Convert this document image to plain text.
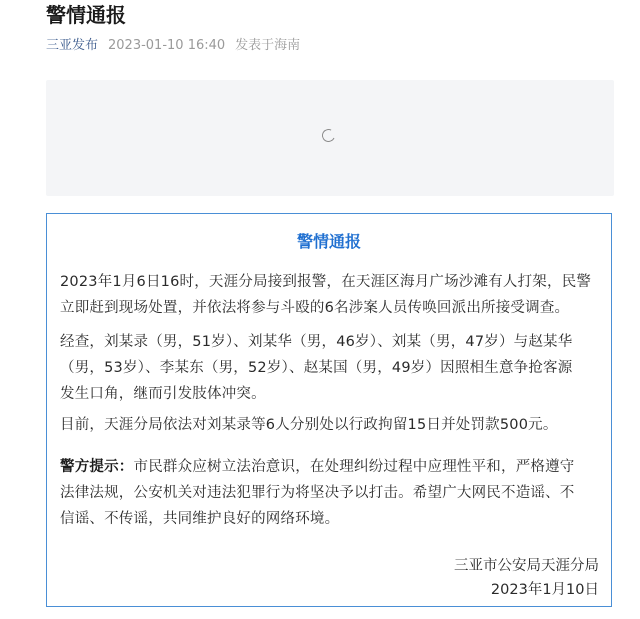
警情通报
三亚发布 2023-01-10 16:40 发表于海南
警情通报
2023年1月6日16时，天涯分局接到报警，在天涯区海月广场沙滩有人打架，民警
立即赶到现场处置，并依法将参与斗殴的6名涉案人员传唤回派出所接受调查。
经查，刘某录（男，51岁）、刘某华（男，46岁）、刘某（男，47岁）与赵某华
（男，53岁）、李某东（男，52岁）、赵某国（男，49岁）因照相生意争抢客源
发生口角，继而引发肢体冲突。
目前，天涯分局依法对刘某录等6人分别处以行政拘留15日并处罚款500元。
警方提示：市民群众应树立法治意识，在处理纠纷过程中应理性平和，严格遵守
法律法规，公安机关对违法犯罪行为将坚决予以打击。希望广大网民不造谣、不
信谣、不传谣，共同维护良好的网络环境。
三亚市公安局天涯分局
2023年1月10日
